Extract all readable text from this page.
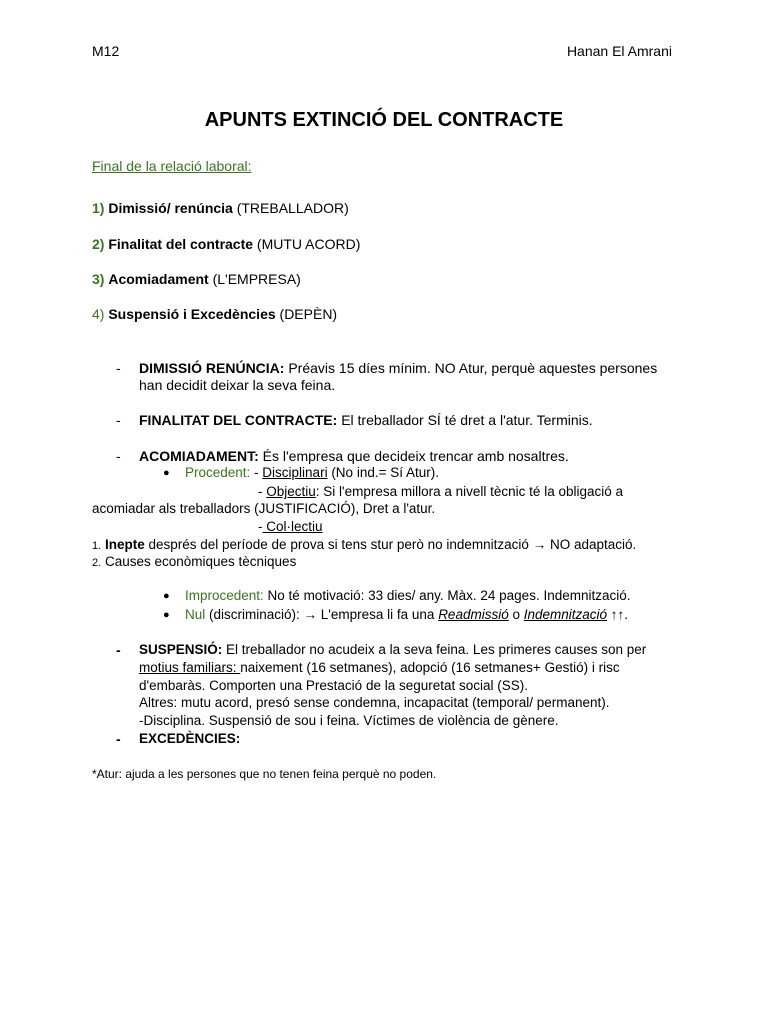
M12	Hanan El Amrani
APUNTS EXTINCIÓ DEL CONTRACTE
Final de la relació laboral:
1) Dimissió/ renúncia (TREBALLADOR)
2) Finalitat del contracte (MUTU ACORD)
3) Acomiadament (L'EMPRESA)
4) Suspensió i Excedències (DEPÈN)
- DIMISSIÓ RENÚNCIA: Préavis 15 díes mínim. NO Atur, perquè aquestes persones
han decidit deixar la seva feina.
- FINALITAT DEL CONTRACTE: El treballador SÍ té dret a l'atur. Terminis.
- ACOMIADAMENT: És l'empresa que decideix trencar amb nosaltres.
● Procedent: - Disciplinari (No ind.= Sí Atur).
- Objectiu: Si l'empresa millora a nivell tècnic té la obligació a
acomiadar als treballadors (JUSTIFICACIÓ), Dret a l'atur.
- Col·lectiu
1. Inepte després del període de prova si tens stur però no indemnització → NO adaptació.
2. Causes econòmiques tècniques
● Improcedent: No té motivació: 33 dies/ any. Màx. 24 pages. Indemnització.
● Nul (discriminació): → L'empresa li fa una Readmissió o Indemnització ↑↑.
- SUSPENSIÓ: El treballador no acudeix a la seva feina. Les primeres causes son per
motius familiars: naixement (16 setmanes), adopció (16 setmanes+ Gestió) i risc
d'embaràs. Comporten una Prestació de la seguretat social (SS).
Altres: mutu acord, presó sense condemna, incapacitat (temporal/ permanent).
-Disciplina. Suspensió de sou i feina. Víctimes de violència de gènere.
- EXCEDÈNCIES:
*Atur: ajuda a les persones que no tenen feina perquè no poden.
